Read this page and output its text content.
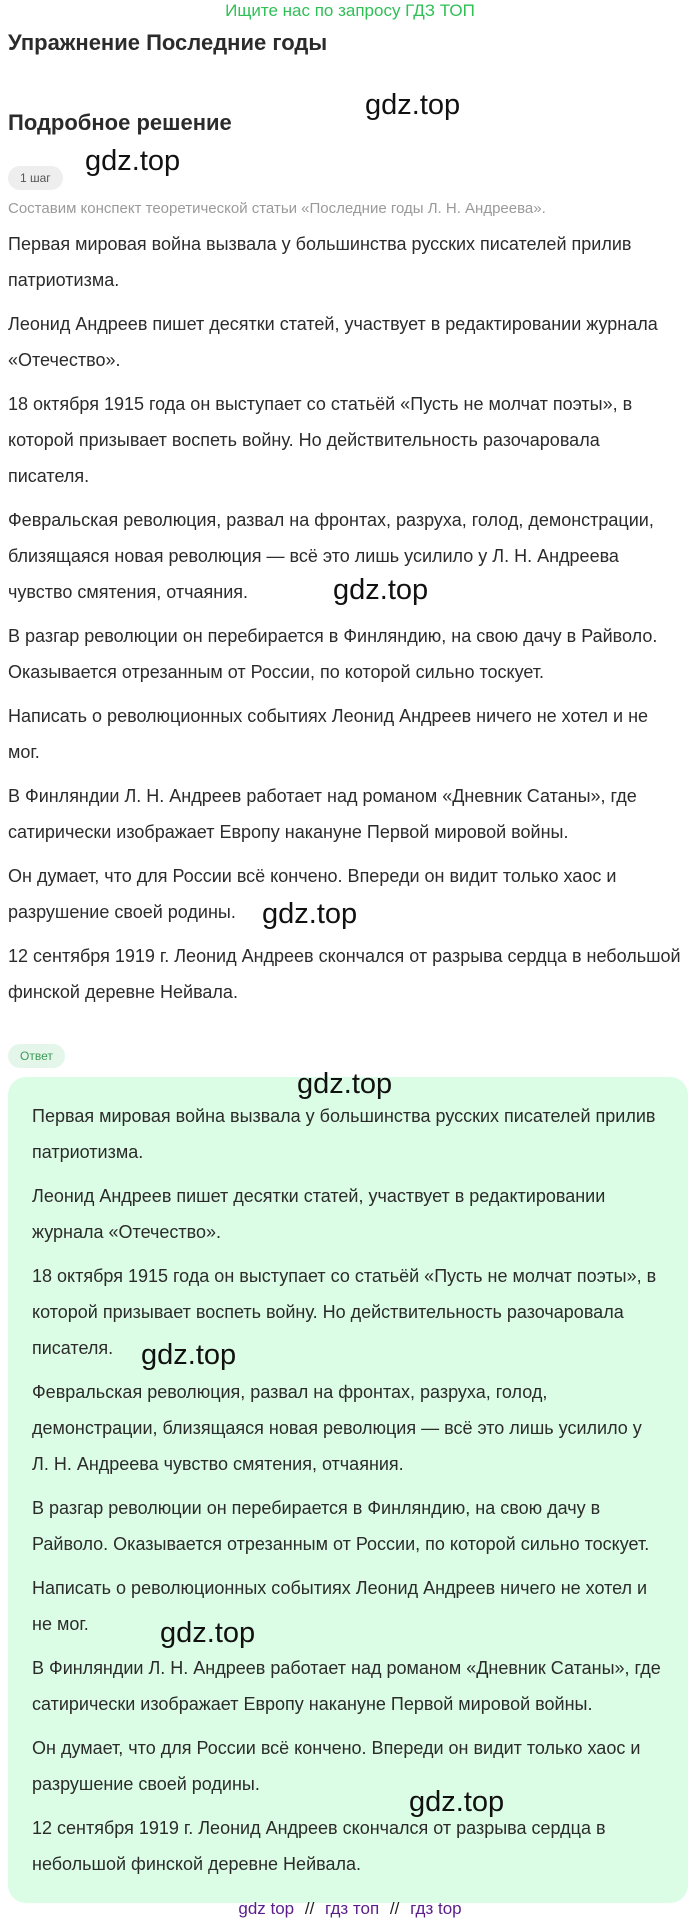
Ищите нас по запросу ГДЗ ТОП
Упражнение Последние годы
gdz.top
Подробное решение
1 шаг
gdz.top
Составим конспект теоретической статьи «Последние годы Л. Н. Андреева».

Первая мировая война вызвала у большинства русских писателей прилив патриотизма.

Леонид Андреев пишет десятки статей, участвует в редактировании журнала «Отечество».

18 октября 1915 года он выступает со статьёй «Пусть не молчат поэты», в которой призывает воспеть войну. Но действительность разочаровала писателя.

Февральская революция, развал на фронтах, разруха, голод, демонстрации, близящаяся новая революция — всё это лишь усилило у Л. Н. Андреева чувство смятения, отчаяния.

В разгар революции он перебирается в Финляндию, на свою дачу в Райволо. Оказывается отрезанным от России, по которой сильно тоскует.

Написать о революционных событиях Леонид Андреев ничего не хотел и не мог.

В Финляндии Л. Н. Андреев работает над романом «Дневник Сатаны», где сатирически изображает Европу накануне Первой мировой войны.

Он думает, что для России всё кончено. Впереди он видит только хаос и разрушение своей родины.

12 сентября 1919 г. Леонид Андреев скончался от разрыва сердца в небольшой финской деревне Нейвала.

gdz.top
gdz.top
Ответ
gdz.top

Первая мировая война вызвала у большинства русских писателей прилив патриотизма.

Леонид Андреев пишет десятки статей, участвует в редактировании журнала «Отечество».

18 октября 1915 года он выступает со статьёй «Пусть не молчат поэты», в которой призывает воспеть войну. Но действительность разочаровала писателя.

Февральская революция, развал на фронтах, разруха, голод, демонстрации, близящаяся новая революция — всё это лишь усилило у Л. Н. Андреева чувство смятения, отчаяния.

В разгар революции он перебирается в Финляндию, на свою дачу в Райволо. Оказывается отрезанным от России, по которой сильно тоскует.

Написать о революционных событиях Леонид Андреев ничего не хотел и не мог.

В Финляндии Л. Н. Андреев работает над романом «Дневник Сатаны», где сатирически изображает Европу накануне Первой мировой войны.

Он думает, что для России всё кончено. Впереди он видит только хаос и разрушение своей родины.

12 сентября 1919 г. Леонид Андреев скончался от разрыва сердца в небольшой финской деревне Нейвала.

gdz.top
gdz.top
gdz.top
gdz top // гдз топ // гдз top
